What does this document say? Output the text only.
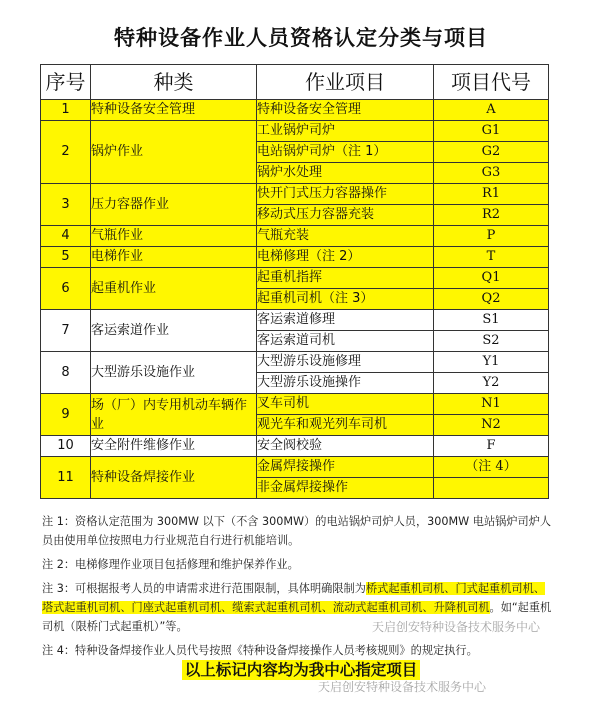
特种设备作业人员资格认定分类与项目
序号	种类	作业项目	项目代号
1	特种设备安全管理	特种设备安全管理	A
2	锅炉作业	工业锅炉司炉	G1
		电站锅炉司炉（注 1）	G2
		锅炉水处理	G3
3	压力容器作业	快开门式压力容器操作	R1
		移动式压力容器充装	R2
4	气瓶作业	气瓶充装	P
5	电梯作业	电梯修理（注 2）	T
6	起重机作业	起重机指挥	Q1
		起重机司机（注 3）	Q2
7	客运索道作业	客运索道修理	S1
		客运索道司机	S2
8	大型游乐设施作业	大型游乐设施修理	Y1
		大型游乐设施操作	Y2
9	场（厂）内专用机动车辆作业	叉车司机	N1
		观光车和观光列车司机	N2
10	安全附件维修作业	安全阀校验	F
11	特种设备焊接作业	金属焊接操作	（注 4）
		非金属焊接操作	

注 1：资格认定范围为 300MW 以下（不含 300MW）的电站锅炉司炉人员，300MW 电站锅炉司炉人员由使用单位按照电力行业规范自行进行机能培训。

注 2：电梯修理作业项目包括修理和维护保养作业。

注 3：可根据报考人员的申请需求进行范围限制，具体明确限制为桥式起重机司机、门式起重机司机、塔式起重机司机、门座式起重机司机、缆索式起重机司机、流动式起重机司机、升降机司机。如“起重机司机（限桥门式起重机）”等。

注 4：特种设备焊接作业人员代号按照《特种设备焊接操作人员考核规则》的规定执行。

天启创安特种设备技术服务中心
以上标记内容均为我中心指定项目
天启创安特种设备技术服务中心
